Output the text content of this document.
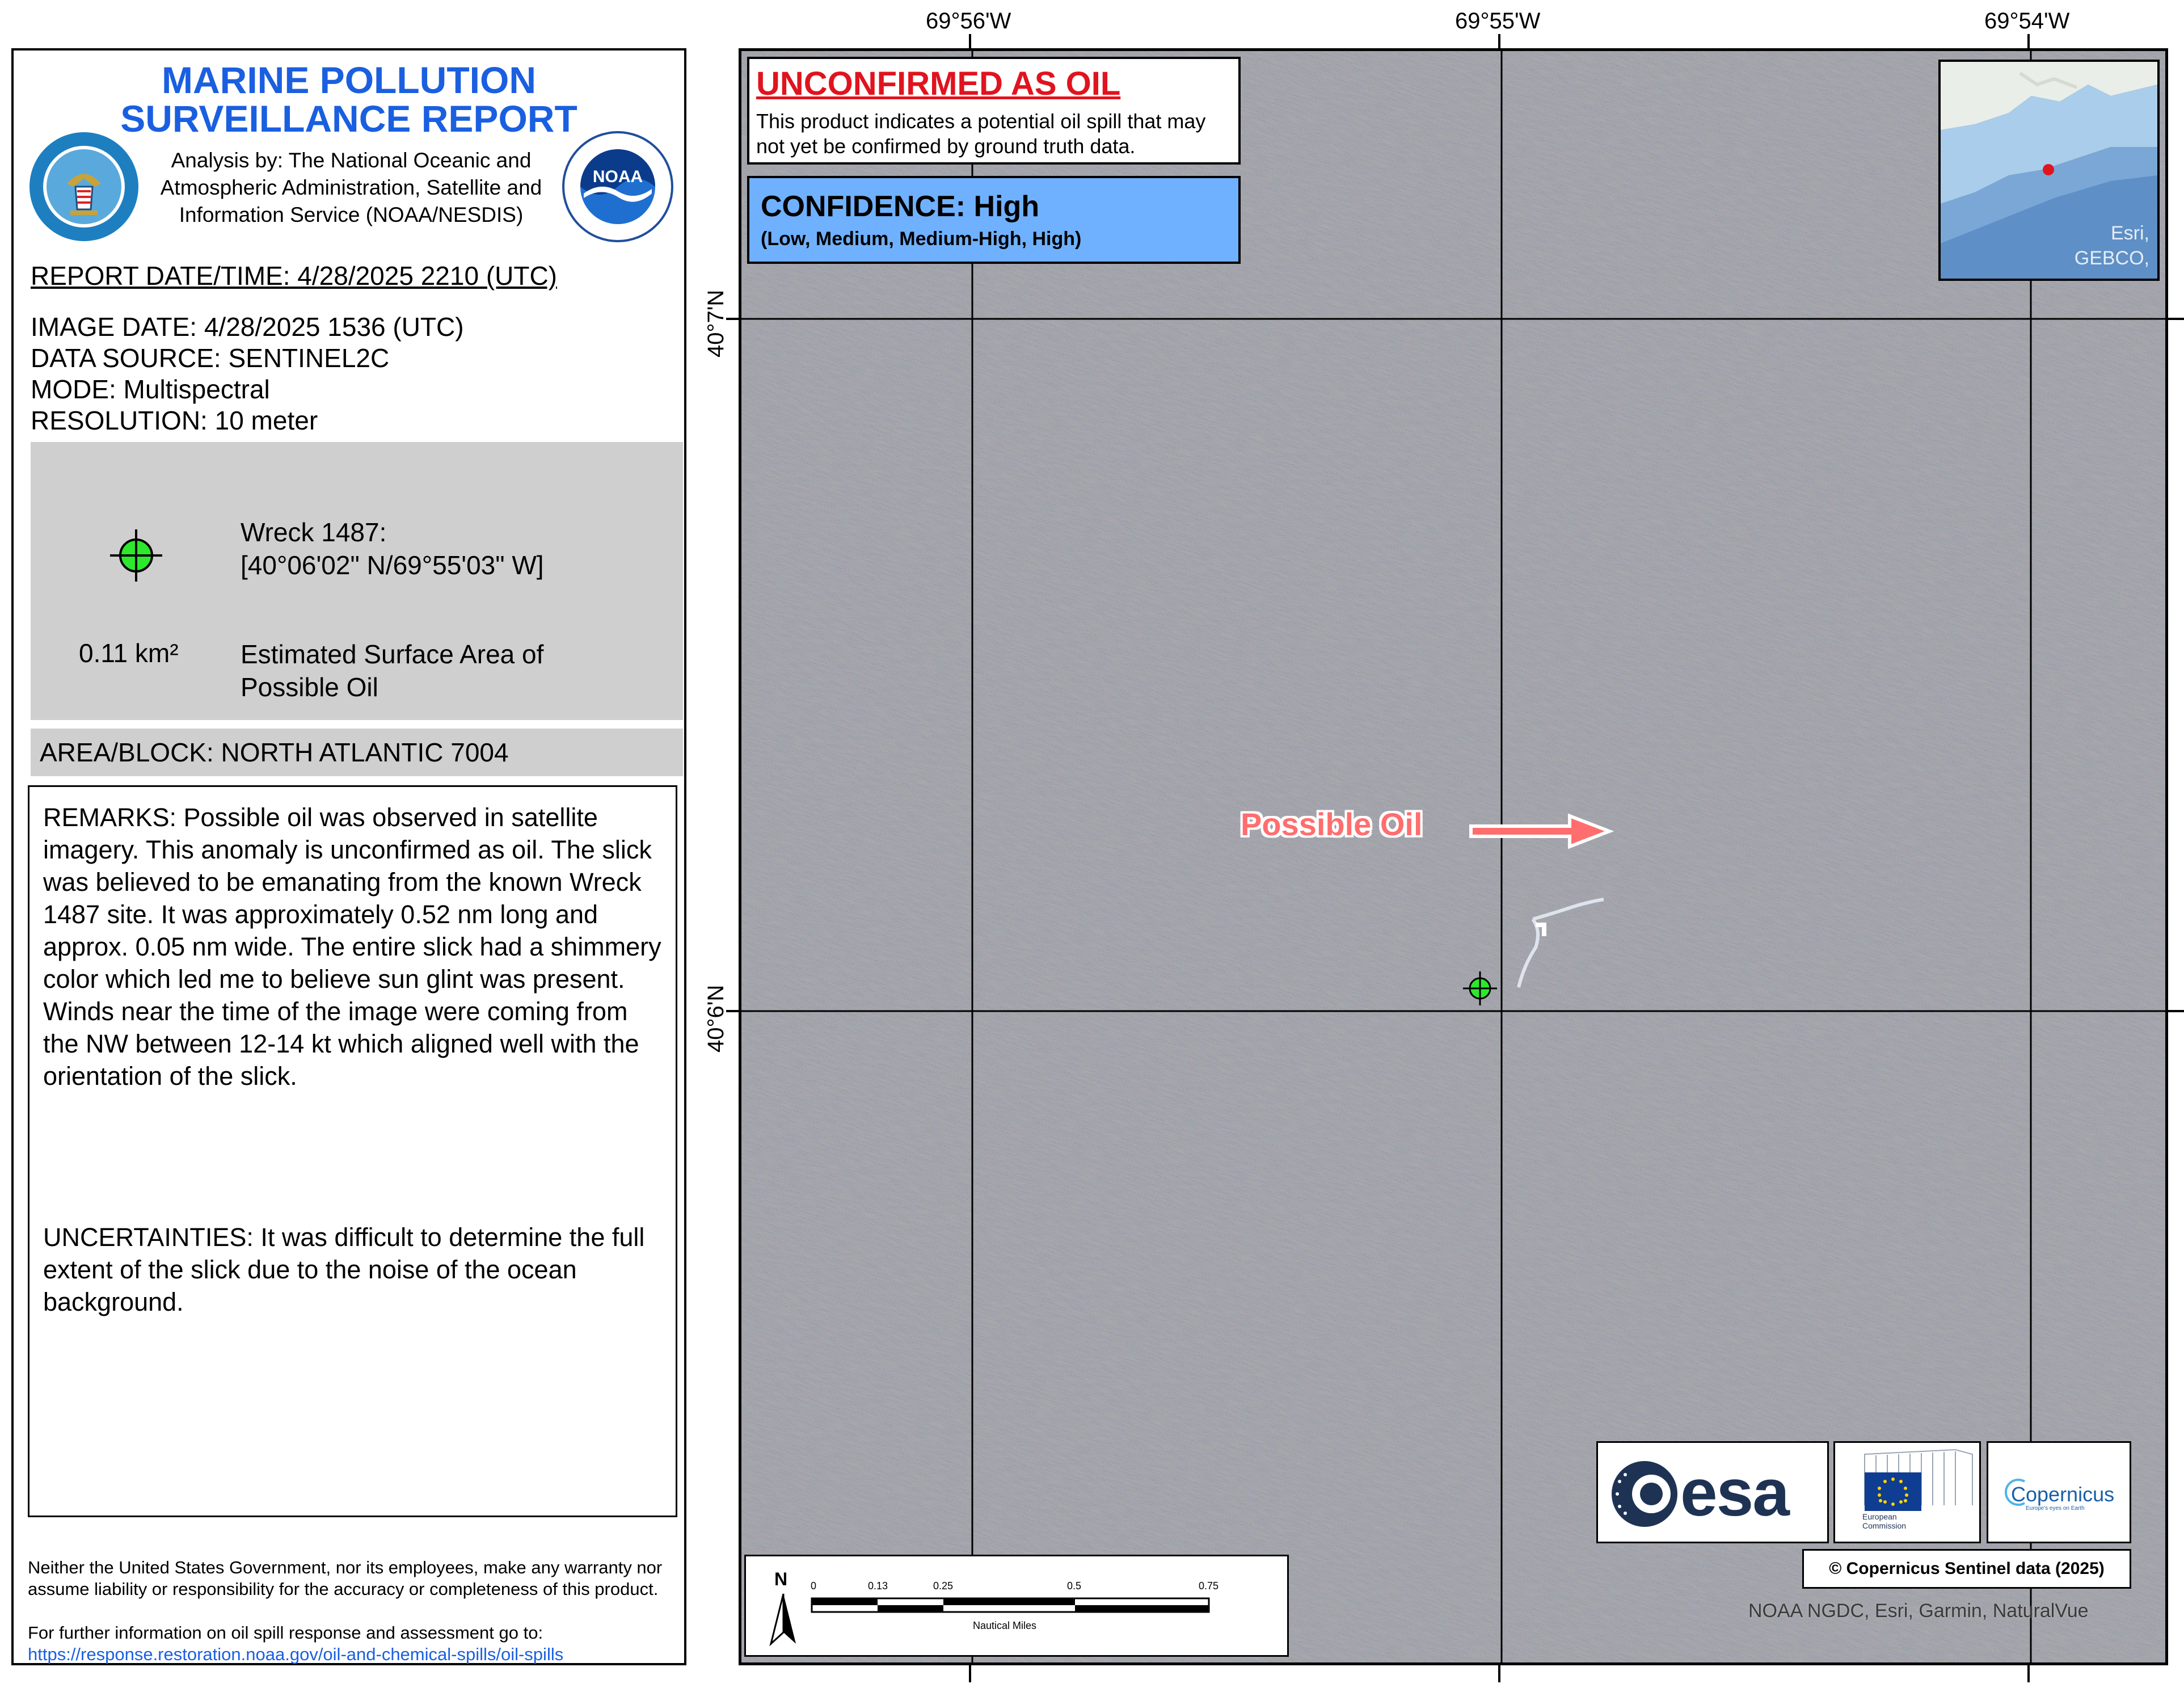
MARINE POLLUTION
SURVEILLANCE REPORT
Analysis by: The National Oceanic and Atmospheric Administration, Satellite and Information Service (NOAA/NESDIS)
NOAA
REPORT DATE/TIME: 4/28/2025 2210 (UTC)
IMAGE DATE: 4/28/2025 1536 (UTC)
DATA SOURCE: SENTINEL2C
MODE: Multispectral
RESOLUTION: 10 meter
Wreck 1487:
[40°06'02" N/69°55'03" W]
0.11 km² Estimated Surface Area of
Possible Oil
AREA/BLOCK: NORTH ATLANTIC 7004
REMARKS: Possible oil was observed in satellite imagery. This anomaly is unconfirmed as oil. The slick was believed to be emanating from the known Wreck 1487 site. It was approximately 0.52 nm long and approx. 0.05 nm wide. The entire slick had a shimmery color which led me to believe sun glint was present. Winds near the time of the image were coming from the NW between 12-14 kt which aligned well with the orientation of the slick.
UNCERTAINTIES: It was difficult to determine the full extent of the slick due to the noise of the ocean background.
Neither the United States Government, nor its employees, make any warranty nor assume liability or responsibility for the accuracy or completeness of this product.
For further information on oil spill response and assessment go to: https://response.restoration.noaa.gov/oil-and-chemical-spills/oil-spills
69°56'W	69°55'W	69°54'W
40°7'N
40°6'N
UNCONFIRMED AS OIL
This product indicates a potential oil spill that may not yet be confirmed by ground truth data.
CONFIDENCE: High
(Low, Medium, Medium-High, High)	Esri,
GEBCO,
Possible Oil
esa	European
Commission
Copernicus
Europe's eyes on Earth
© Copernicus Sentinel data (2025)
NOAA NGDC, Esri, Garmin, NaturalVue
N 0	0.13	0.25	0.5	0.75
Nautical Miles
